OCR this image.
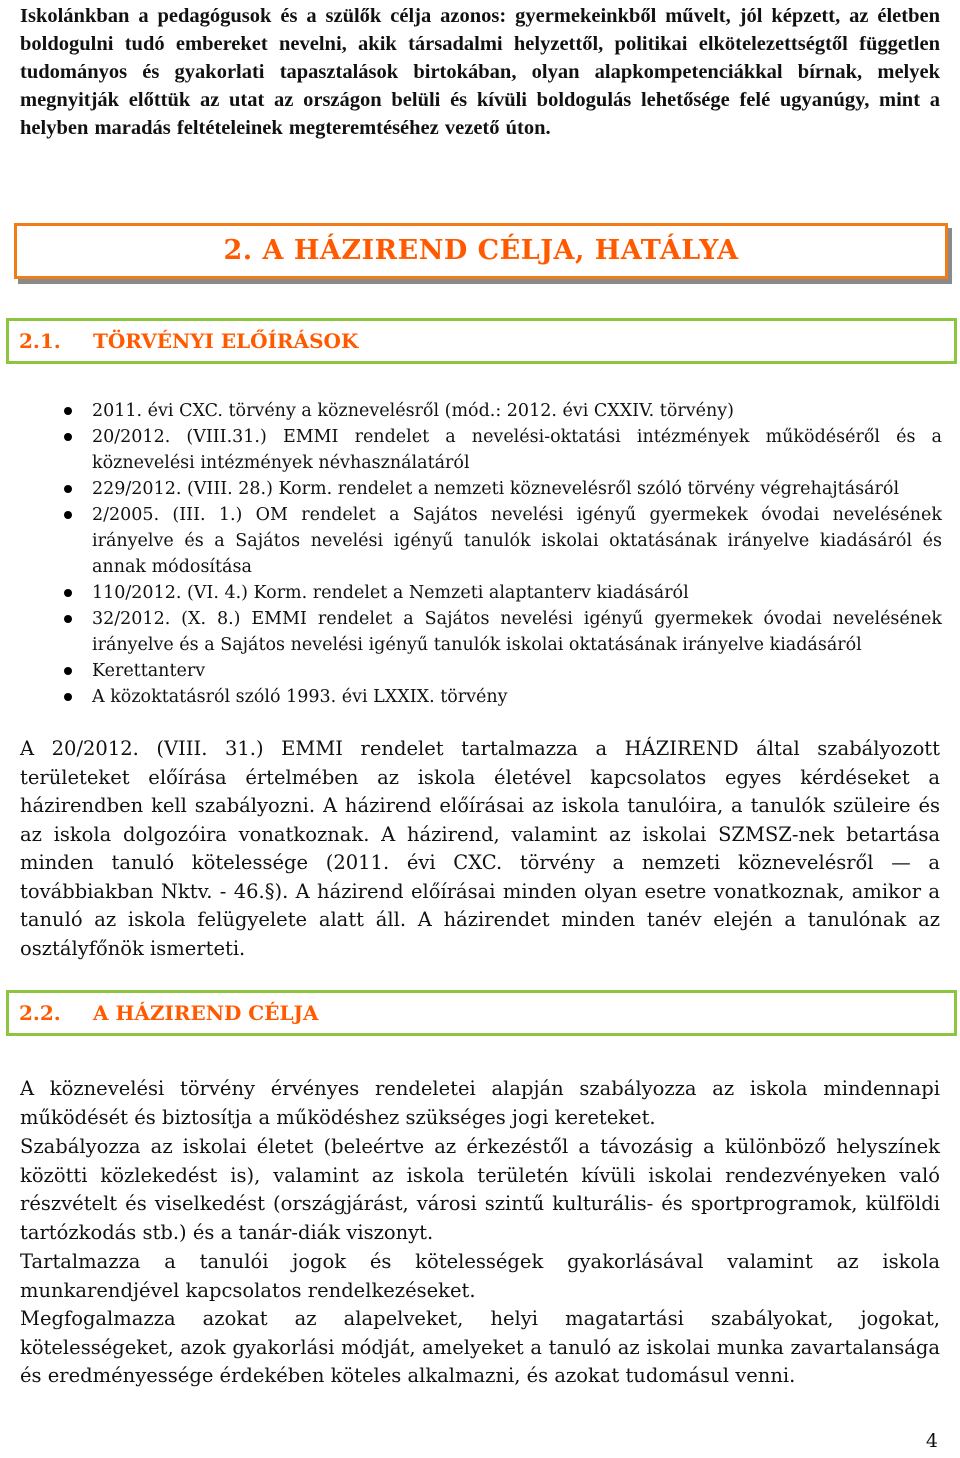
Iskolánkban a pedagógusok és a szülők célja azonos: gyermekeinkből művelt, jól képzett, az életben boldogulni tudó embereket nevelni, akik társadalmi helyzettől, politikai elkötelezettségtől független tudományos és gyakorlati tapasztalások birtokában, olyan alapkompetenciákkal bírnak, melyek megnyitják előttük az utat az országon belüli és kívüli boldogulás lehetősége felé ugyanúgy, mint a helyben maradás feltételeinek megteremtéséhez vezető úton.

2. A HÁZIREND CÉLJA, HATÁLYA
2.1. TÖRVÉNYI ELŐÍRÁSOK
2011. évi CXC. törvény a köznevelésről (mód.: 2012. évi CXXIV. törvény)
20/2012. (VIII.31.) EMMI rendelet a nevelési-oktatási intézmények működéséről és a köznevelési intézmények névhasználatáról
229/2012. (VIII. 28.) Korm. rendelet a nemzeti köznevelésről szóló törvény végrehajtásáról
2/2005. (III. 1.) OM rendelet a Sajátos nevelési igényű gyermekek óvodai nevelésének irányelve és a Sajátos nevelési igényű tanulók iskolai oktatásának irányelve kiadásáról és annak módosítása
110/2012. (VI. 4.) Korm. rendelet a Nemzeti alaptanterv kiadásáról
32/2012. (X. 8.) EMMI rendelet a Sajátos nevelési igényű gyermekek óvodai nevelésének irányelve és a Sajátos nevelési igényű tanulók iskolai oktatásának irányelve kiadásáról
Kerettanterv
A közoktatásról szóló 1993. évi LXXIX. törvény

A 20/2012. (VIII. 31.) EMMI rendelet tartalmazza a HÁZIREND által szabályozott területeket előírása értelmében az iskola életével kapcsolatos egyes kérdéseket a házirendben kell szabályozni. A házirend előírásai az iskola tanulóira, a tanulók szüleire és az iskola dolgozóira vonatkoznak. A házirend, valamint az iskolai SZMSZ-nek betartása minden tanuló kötelessége (2011. évi CXC. törvény a nemzeti köznevelésről — a továbbiakban Nktv. - 46.§). A házirend előírásai minden olyan esetre vonatkoznak, amikor a tanuló az iskola felügyelete alatt áll. A házirendet minden tanév elején a tanulónak az osztályfőnök ismerteti.

2.2. A HÁZIREND CÉLJA

A köznevelési törvény érvényes rendeletei alapján szabályozza az iskola mindennapi működését és biztosítja a működéshez szükséges jogi kereteket.

Szabályozza az iskolai életet (beleértve az érkezéstől a távozásig a különböző helyszínek közötti közlekedést is), valamint az iskola területén kívüli iskolai rendezvényeken való részvételt és viselkedést (országjárást, városi szintű kulturális- és sportprogramok, külföldi tartózkodás stb.) és a tanár-diák viszonyt.

Tartalmazza a tanulói jogok és kötelességek gyakorlásával valamint az iskola munkarendjével kapcsolatos rendelkezéseket.

Megfogalmazza azokat az alapelveket, helyi magatartási szabályokat, jogokat, kötelességeket, azok gyakorlási módját, amelyeket a tanuló az iskolai munka zavartalansága és eredményessége érdekében köteles alkalmazni, és azokat tudomásul venni.

4
